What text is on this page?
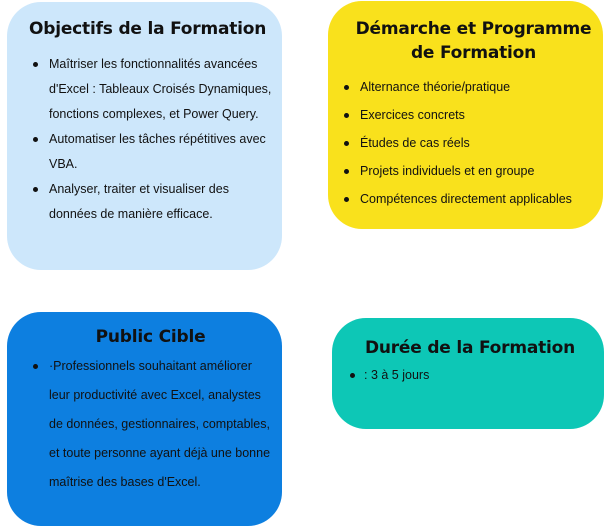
Objectifs de la Formation
Maîtriser les fonctionnalités avancées d'Excel : Tableaux Croisés Dynamiques, fonctions complexes, et Power Query.
Automatiser les tâches répétitives avec VBA.
Analyser, traiter et visualiser des données de manière efficace.
Démarche et Programme de Formation
Alternance théorie/pratique
Exercices concrets
Études de cas réels
Projets individuels et en groupe
Compétences directement applicables
Public Cible
·Professionnels souhaitant améliorer leur productivité avec Excel, analystes de données, gestionnaires, comptables, et toute personne ayant déjà une bonne maîtrise des bases d'Excel.
Durée de la Formation
: 3 à 5 jours
